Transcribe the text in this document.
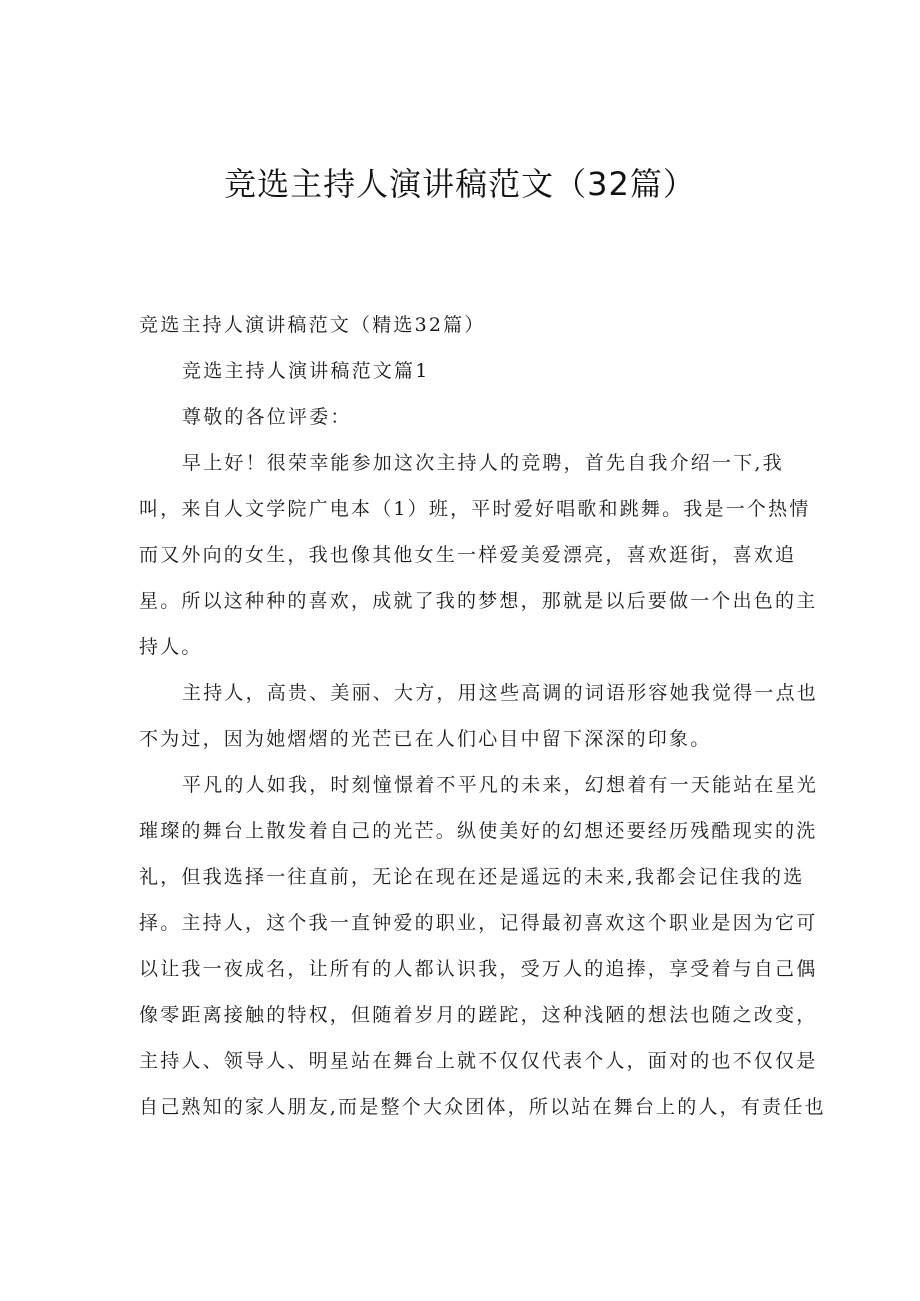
竞选主持人演讲稿范文（32篇）
竞选主持人演讲稿范文（精选32篇）
竞选主持人演讲稿范文篇1
尊敬的各位评委：
早上好！很荣幸能参加这次主持人的竞聘，首先自我介绍一下,我
叫，来自人文学院广电本（1）班，平时爱好唱歌和跳舞。我是一个热情
而又外向的女生，我也像其他女生一样爱美爱漂亮，喜欢逛街，喜欢追
星。所以这种种的喜欢，成就了我的梦想，那就是以后要做一个出色的主
持人。
主持人，高贵、美丽、大方，用这些高调的词语形容她我觉得一点也
不为过，因为她熠熠的光芒已在人们心目中留下深深的印象。
平凡的人如我，时刻憧憬着不平凡的未来，幻想着有一天能站在星光
璀璨的舞台上散发着自己的光芒。纵使美好的幻想还要经历残酷现实的洗
礼，但我选择一往直前，无论在现在还是遥远的未来,我都会记住我的选
择。主持人，这个我一直钟爱的职业，记得最初喜欢这个职业是因为它可
以让我一夜成名，让所有的人都认识我，受万人的追捧，享受着与自己偶
像零距离接触的特权，但随着岁月的蹉跎，这种浅陋的想法也随之改变，
主持人、领导人、明星站在舞台上就不仅仅代表个人，面对的也不仅仅是
自己熟知的家人朋友,而是整个大众团体，所以站在舞台上的人，有责任也
